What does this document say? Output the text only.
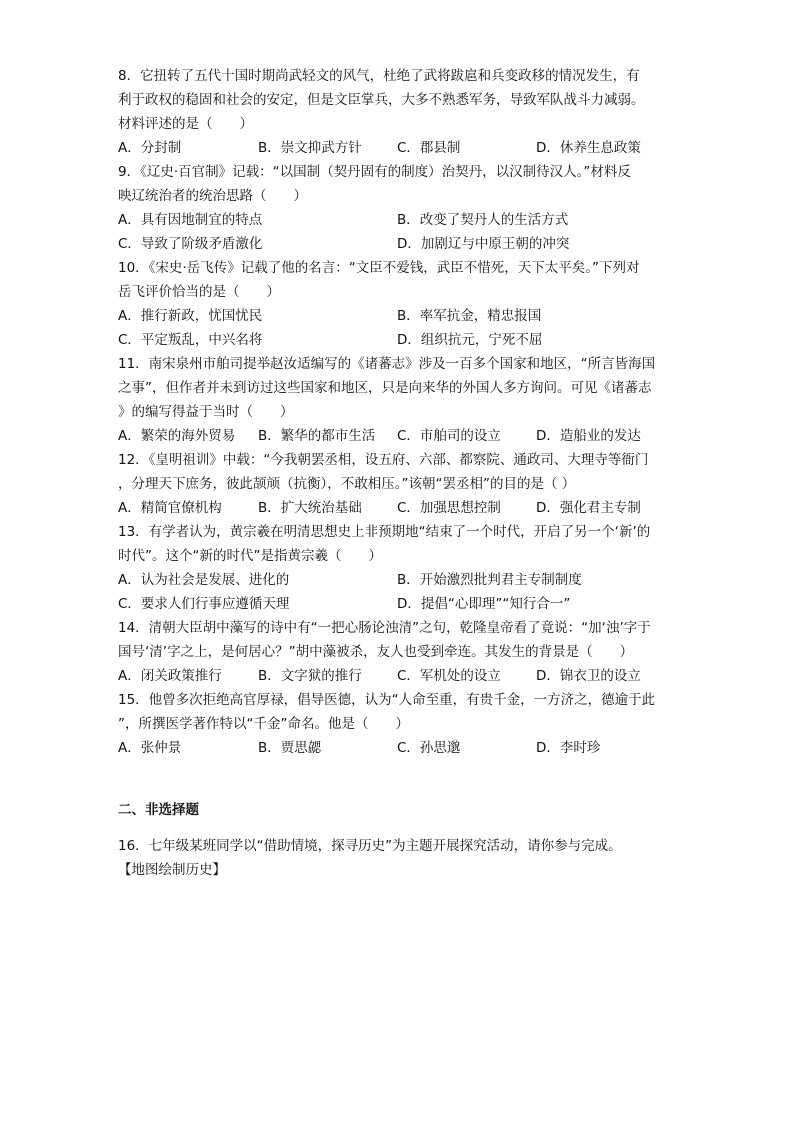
8．它扭转了五代十国时期尚武轻文的风气，杜绝了武将跋扈和兵变政移的情况发生，有
利于政权的稳固和社会的安定，但是文臣掌兵，大多不熟悉军务，导致军队战斗力减弱。
材料评述的是（　　）
A．分封制	B．崇文抑武方针	C．郡县制	D．休养生息政策
9．《辽史·百官制》记载：“以国制（契丹固有的制度）治契丹，以汉制待汉人。”材料反
映辽统治者的统治思路（　　）
A．具有因地制宜的特点	B．改变了契丹人的生活方式
C．导致了阶级矛盾激化	D．加剧辽与中原王朝的冲突
10．《宋史·岳飞传》记载了他的名言：“文臣不爱钱，武臣不惜死，天下太平矣。”下列对
岳飞评价恰当的是（　　）
A．推行新政，忧国忧民	B．率军抗金，精忠报国
C．平定叛乱，中兴名将	D．组织抗元，宁死不屈
11．南宋泉州市舶司提举赵汝适编写的《诸蕃志》涉及一百多个国家和地区，“所言皆海国
之事”，但作者并未到访过这些国家和地区，只是向来华的外国人多方询问。可见《诸蕃志
》的编写得益于当时（　　）
A．繁荣的海外贸易 B．繁华的都市生活 C．市舶司的设立	D．造船业的发达
12．《皇明祖训》中载：“今我朝罢丞相，设五府、六部、都察院、通政司、大理寺等衙门
，分理天下庶务，彼此颉颃（抗衡），不敢相压。”该朝“罢丞相”的目的是（ ）
A．精简官僚机构	B．扩大统治基础	C．加强思想控制	D．强化君主专制
13．有学者认为，黄宗羲在明清思想史上非预期地“结束了一个时代，开启了另一个‘新’的
时代”。这个“新的时代”是指黄宗羲（　　）
A．认为社会是发展、进化的	B．开始激烈批判君主专制制度
C．要求人们行事应遵循天理	D．提倡“心即理”“知行合一”
14．清朝大臣胡中藻写的诗中有“一把心肠论浊清”之句，乾隆皇帝看了竟说：“加‘浊’字于
国号‘清’字之上，是何居心？”胡中藻被杀，友人也受到牵连。其发生的背景是（　　）
A．闭关政策推行	B．文字狱的推行	C．军机处的设立	D．锦衣卫的设立
15．他曾多次拒绝高官厚禄，倡导医德，认为“人命至重，有贵千金，一方济之，德逾于此
”，所撰医学著作特以“千金”命名。他是（　　）
A．张仲景	B．贾思勰	C．孙思邈	D．李时珍
二、非选择题
16．七年级某班同学以“借助情境，探寻历史”为主题开展探究活动，请你参与完成。
【地图绘制历史】
